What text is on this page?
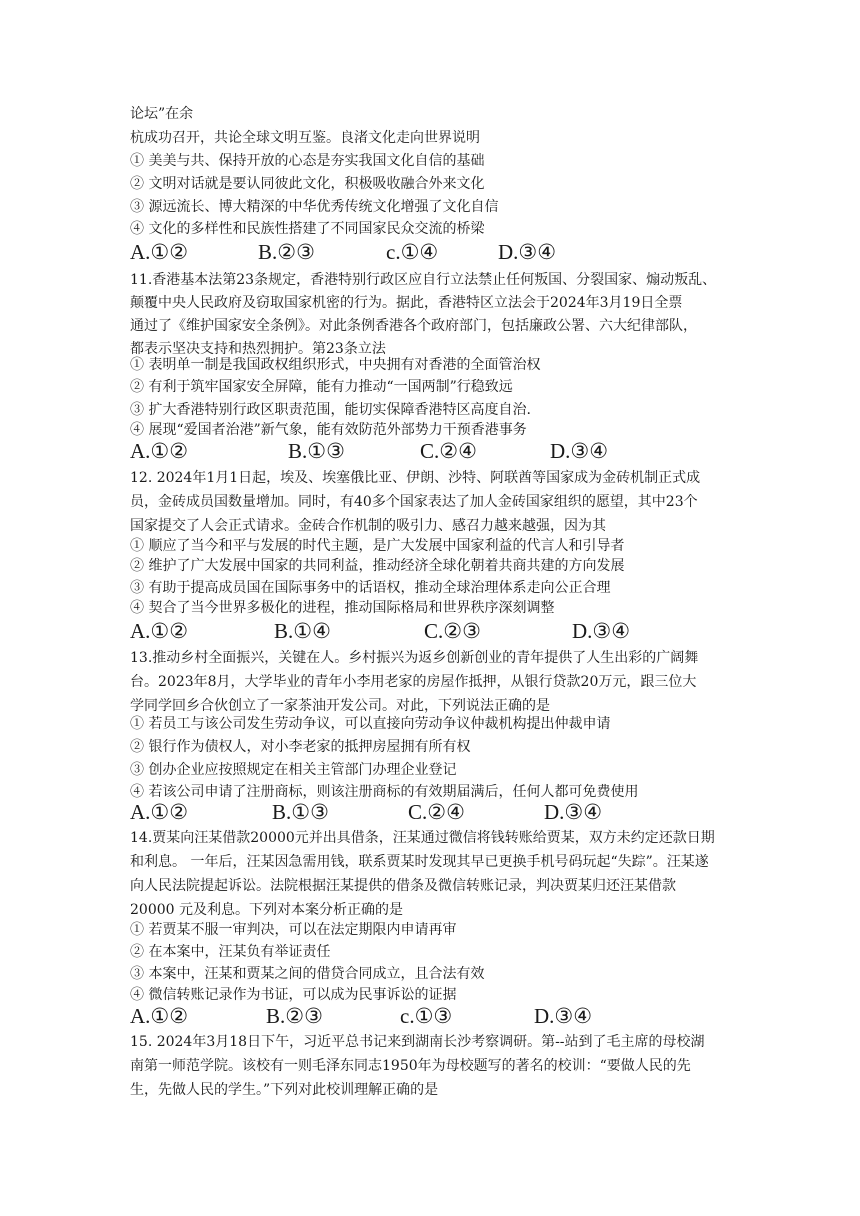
论坛”在余
杭成功召开，共论全球文明互鉴。良渚文化走向世界说明
① 美美与共、保持开放的心态是夯实我国文化自信的基础
② 文明对话就是要认同彼此文化，积极吸收融合外来文化
③ 源远流长、博大精深的中华优秀传统文化增强了文化自信
④ 文化的多样性和民族性搭建了不同国家民众交流的桥梁
A.①②	B.②③	c.①④	D.③④
11.香港基本法第23条规定，香港特别行政区应自行立法禁止任何叛国、分裂国家、煽动叛乱、
颠覆中央人民政府及窃取国家机密的行为。据此，香港特区立法会于2024年3月19日全票
通过了《维护国家安全条例》。对此条例香港各个政府部门，包括廉政公署、六大纪律部队，
都表示坚决支持和热烈拥护。第23条立法
① 表明单一制是我国政权组织形式，中央拥有对香港的全面管治权
② 有利于筑牢国家安全屏障，能有力推动“一国两制”行稳致远
③ 扩大香港特别行政区职责范围，能切实保障香港特区高度自治.
④ 展现“爱国者治港”新气象，能有效防范外部势力干预香港事务
A.①②	B.①③	C.②④	D.③④
12. 2024年1月1日起，埃及、埃塞俄比亚、伊朗、沙特、阿联酋等国家成为金砖机制正式成
员，金砖成员国数量增加。同时，有40多个国家表达了加人金砖国家组织的愿望，其中23个
国家提交了人会正式请求。金砖合作机制的吸引力、感召力越来越强，因为其
① 顺应了当今和平与发展的时代主题，是广大发展中国家利益的代言人和引导者
② 维护了广大发展中国家的共同利益，推动经济全球化朝着共商共建的方向发展
③ 有助于提高成员国在国际事务中的话语权，推动全球治理体系走向公正合理
④ 契合了当今世界多极化的进程，推动国际格局和世界秩序深刻调整
A.①②	B.①④	C.②③	D.③④
13.推动乡村全面振兴，关键在人。乡村振兴为返乡创新创业的青年提供了人生出彩的广阔舞
台。2023年8月，大学毕业的青年小李用老家的房屋作抵押，从银行贷款20万元，跟三位大
学同学回乡合伙创立了一家茶油开发公司。对此，下列说法正确的是
① 若员工与该公司发生劳动争议，可以直接向劳动争议仲裁机构提出仲裁申请
② 银行作为债权人，对小李老家的抵押房屋拥有所有权
③ 创办企业应按照规定在相关主管部门办理企业登记
④ 若该公司申请了注册商标，则该注册商标的有效期届满后，任何人都可免费使用
A.①②	B.①③	C.②④	D.③④
14.贾某向汪某借款20000元并出具借条，汪某通过微信将钱转账给贾某，双方未约定还款日期
和利息。 一年后，汪某因急需用钱，联系贾某时发现其早已更换手机号码玩起“失踪”。汪某遂
向人民法院提起诉讼。法院根据汪某提供的借条及微信转账记录，判决贾某归还汪某借款
20000 元及利息。下列对本案分析正确的是
① 若贾某不服一审判决，可以在法定期限内申请再审
② 在本案中，汪某负有举证责任
③ 本案中，汪某和贾某之间的借贷合同成立，且合法有效
④ 微信转账记录作为书证，可以成为民事诉讼的证据
A.①②	B.②③	c.①③	D.③④
15. 2024年3月18日下午，习近平总书记来到湖南长沙考察调研。第--站到了毛主席的母校湖
南第一师范学院。该校有一则毛泽东同志1950年为母校题写的著名的校训：“要做人民的先
生，先做人民的学生。”下列对此校训理解正确的是
